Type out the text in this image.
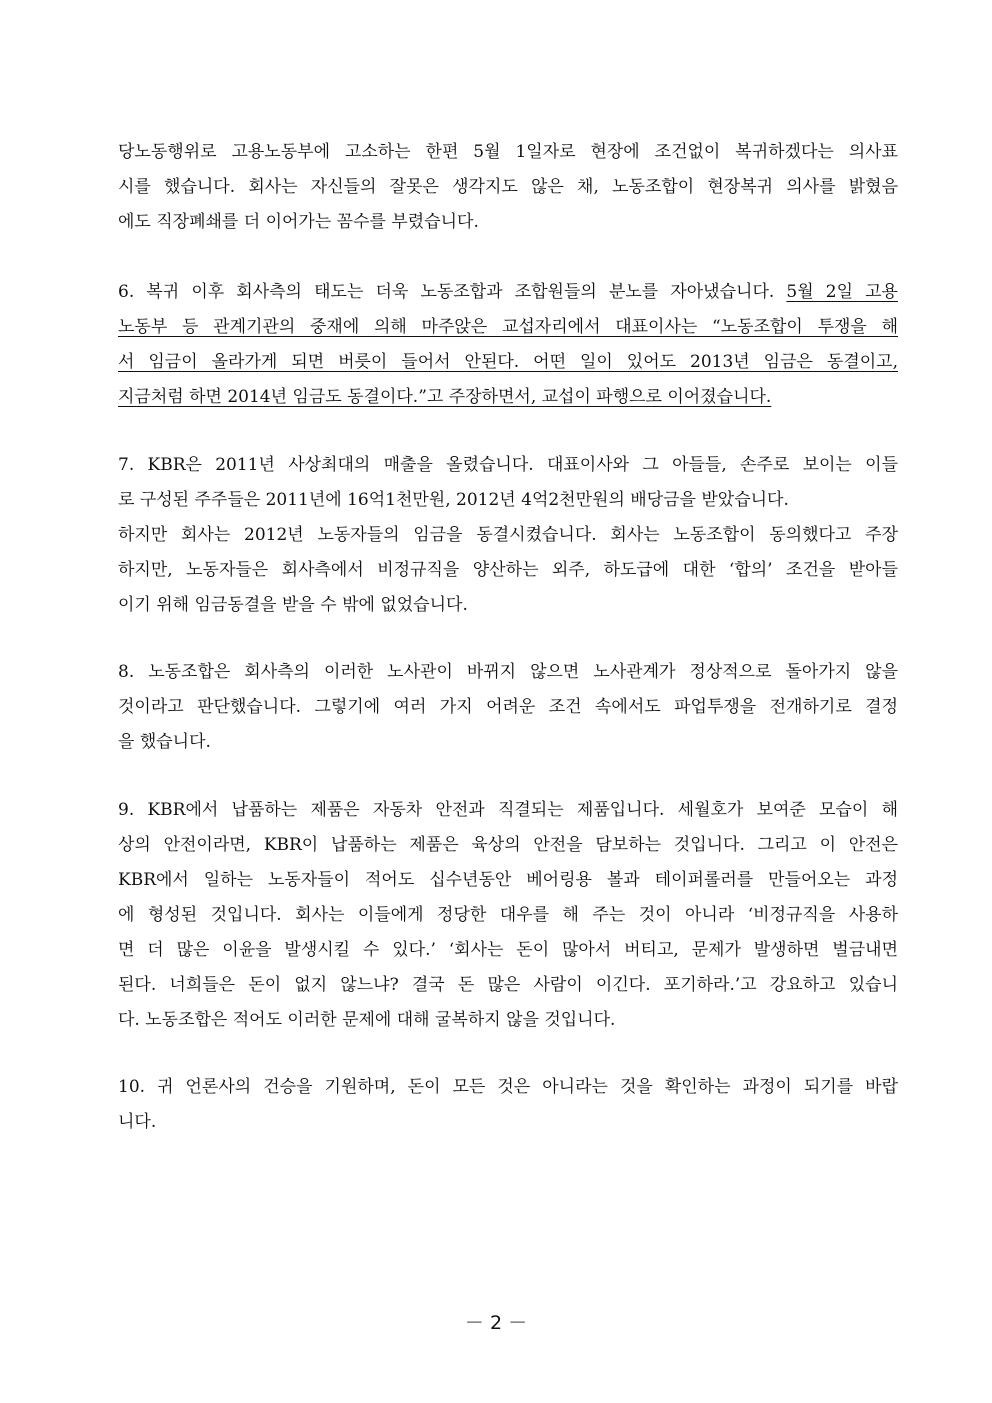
당노동행위로 고용노동부에 고소하는 한편 5월 1일자로 현장에 조건없이 복귀하겠다는 의사표
시를 했습니다. 회사는 자신들의 잘못은 생각지도 않은 채, 노동조합이 현장복귀 의사를 밝혔음
에도 직장폐쇄를 더 이어가는 꼼수를 부렸습니다.
6. 복귀 이후 회사측의 태도는 더욱 노동조합과 조합원들의 분노를 자아냈습니다. 5월 2일 고용
노동부 등 관계기관의 중재에 의해 마주앉은 교섭자리에서 대표이사는 “노동조합이 투쟁을 해
서 임금이 올라가게 되면 버릇이 들어서 안된다. 어떤 일이 있어도 2013년 임금은 동결이고,
지금처럼 하면 2014년 임금도 동결이다.”고 주장하면서, 교섭이 파행으로 이어졌습니다.
7. KBR은 2011년 사상최대의 매출을 올렸습니다. 대표이사와 그 아들들, 손주로 보이는 이들
로 구성된 주주들은 2011년에 16억1천만원, 2012년 4억2천만원의 배당금을 받았습니다.
하지만 회사는 2012년 노동자들의 임금을 동결시켰습니다. 회사는 노동조합이 동의했다고 주장
하지만, 노동자들은 회사측에서 비정규직을 양산하는 외주, 하도급에 대한 ‘합의’ 조건을 받아들
이기 위해 임금동결을 받을 수 밖에 없었습니다.
8. 노동조합은 회사측의 이러한 노사관이 바뀌지 않으면 노사관계가 정상적으로 돌아가지 않을
것이라고 판단했습니다. 그렇기에 여러 가지 어려운 조건 속에서도 파업투쟁을 전개하기로 결정
을 했습니다.
9. KBR에서 납품하는 제품은 자동차 안전과 직결되는 제품입니다. 세월호가 보여준 모습이 해
상의 안전이라면, KBR이 납품하는 제품은 육상의 안전을 담보하는 것입니다. 그리고 이 안전은
KBR에서 일하는 노동자들이 적어도 십수년동안 베어링용 볼과 테이퍼롤러를 만들어오는 과정
에 형성된 것입니다. 회사는 이들에게 정당한 대우를 해 주는 것이 아니라 ‘비정규직을 사용하
면 더 많은 이윤을 발생시킬 수 있다.’ ‘회사는 돈이 많아서 버티고, 문제가 발생하면 벌금내면
된다. 너희들은 돈이 없지 않느냐? 결국 돈 많은 사람이 이긴다. 포기하라.’고 강요하고 있습니
다. 노동조합은 적어도 이러한 문제에 대해 굴복하지 않을 것입니다.
10. 귀 언론사의 건승을 기원하며, 돈이 모든 것은 아니라는 것을 확인하는 과정이 되기를 바랍
니다.
－ 2 －
